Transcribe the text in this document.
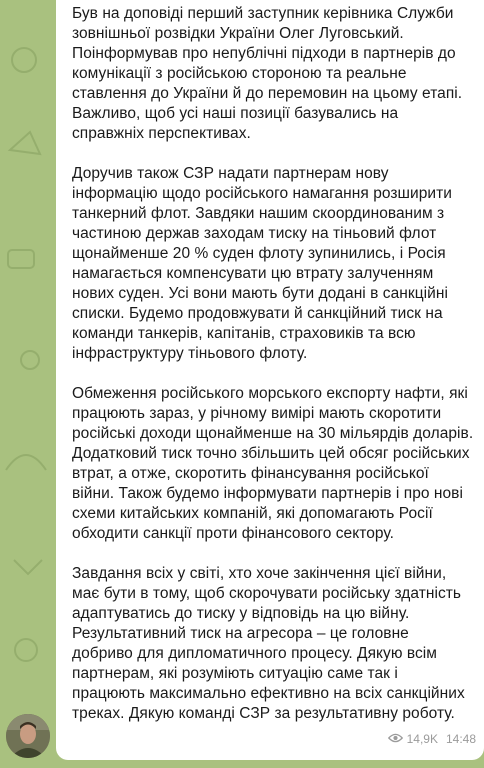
Був на доповіді перший заступник керівника Служби зовнішньої розвідки України Олег Луговський. Поінформував про непублічні підходи в партнерів до комунікації з російською стороною та реальне ставлення до України й до перемовин на цьому етапі. Важливо, щоб усі наші позиції базувались на справжніх перспективах.

Доручив також СЗР надати партнерам нову інформацію щодо російського намагання розширити танкерний флот. Завдяки нашим скоординованим з частиною держав заходам тиску на тіньовий флот щонайменше 20 % суден флоту зупинились, і Росія намагається компенсувати цю втрату залученням нових суден. Усі вони мають бути додані в санкційні списки. Будемо продовжувати й санкційний тиск на команди танкерів, капітанів, страховиків та всю інфраструктуру тіньового флоту.

Обмеження російського морського експорту нафти, які працюють зараз, у річному вимірі мають скоротити російські доходи щонайменше на 30 мільярдів доларів. Додатковий тиск точно збільшить цей обсяг російських втрат, а отже, скоротить фінансування російської війни. Також будемо інформувати партнерів і про нові схеми китайських компаній, які допомагають Росії обходити санкції проти фінансового сектору.

Завдання всіх у світі, хто хоче закінчення цієї війни, має бути в тому, щоб скорочувати російську здатність адаптуватись до тиску у відповідь на цю війну. Результативний тиск на агресора – це головне добриво для дипломатичного процесу. Дякую всім партнерам, які розуміють ситуацію саме так і працюють максимально ефективно на всіх санкційних треках. Дякую команді СЗР за результативну роботу.

14,9K 14:48
